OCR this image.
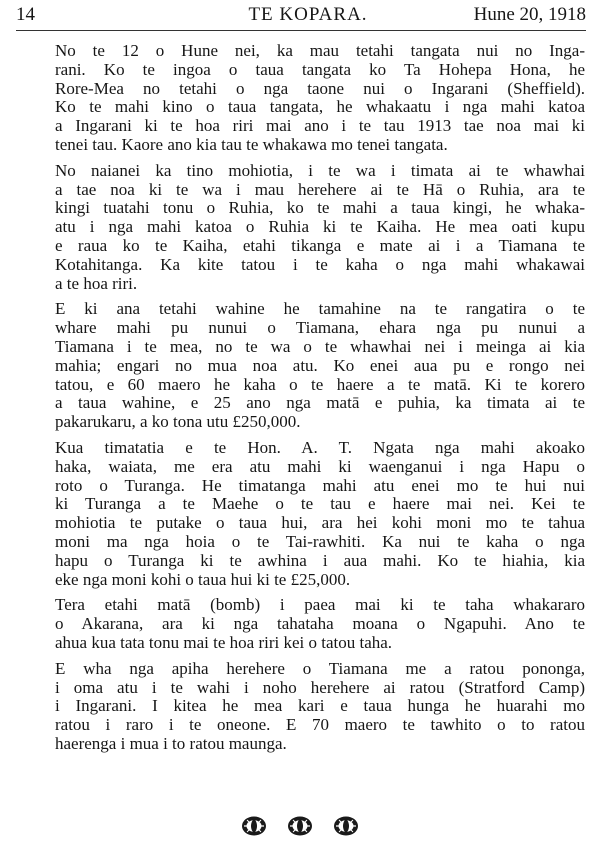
14	TE KOPARA.	Hune 20, 1918
No te 12 o Hune nei, ka mau tetahi tangata nui no Inga-
rani. Ko te ingoa o taua tangata ko Ta Hohepa Hona, he
Rore-Mea no tetahi o nga taone nui o Ingarani (Sheffield).
Ko te mahi kino o taua tangata, he whakaatu i nga mahi katoa
a Ingarani ki te hoa riri mai ano i te tau 1913 tae noa mai ki
tenei tau. Kaore ano kia tau te whakawa mo tenei tangata.
No naianei ka tino mohiotia, i te wa i timata ai te whawhai
a tae noa ki te wa i mau herehere ai te Hā o Ruhia, ara te
kingi tuatahi tonu o Ruhia, ko te mahi a taua kingi, he whaka-
atu i nga mahi katoa o Ruhia ki te Kaiha. He mea oati kupu
e raua ko te Kaiha, etahi tikanga e mate ai i a Tiamana te
Kotahitanga. Ka kite tatou i te kaha o nga mahi whakawai
a te hoa riri.
E ki ana tetahi wahine he tamahine na te rangatira o te
whare mahi pu nunui o Tiamana, ehara nga pu nunui a
Tiamana i te mea, no te wa o te whawhai nei i meinga ai kia
mahia; engari no mua noa atu. Ko enei aua pu e rongo nei
tatou, e 60 maero he kaha o te haere a te matā. Ki te korero
a taua wahine, e 25 ano nga matā e puhia, ka timata ai te
pakarukaru, a ko tona utu £250,000.
Kua timatatia e te Hon. A. T. Ngata nga mahi akoako
haka, waiata, me era atu mahi ki waenganui i nga Hapu o
roto o Turanga. He timatanga mahi atu enei mo te hui nui
ki Turanga a te Maehe o te tau e haere mai nei. Kei te
mohiotia te putake o taua hui, ara hei kohi moni mo te tahua
moni ma nga hoia o te Tai-rawhiti. Ka nui te kaha o nga
hapu o Turanga ki te awhina i aua mahi. Ko te hiahia, kia
eke nga moni kohi o taua hui ki te £25,000.
Tera etahi matā (bomb) i paea mai ki te taha whakararo
o Akarana, ara ki nga tahataha moana o Ngapuhi. Ano te
ahua kua tata tonu mai te hoa riri kei o tatou taha.
E wha nga apiha herehere o Tiamana me a ratou pononga,
i oma atu i te wahi i noho herehere ai ratou (Stratford Camp)
i Ingarani. I kitea he mea kari e taua hunga he huarahi mo
ratou i raro i te oneone. E 70 maero te tawhito o to ratou
haerenga i mua i to ratou maunga.
